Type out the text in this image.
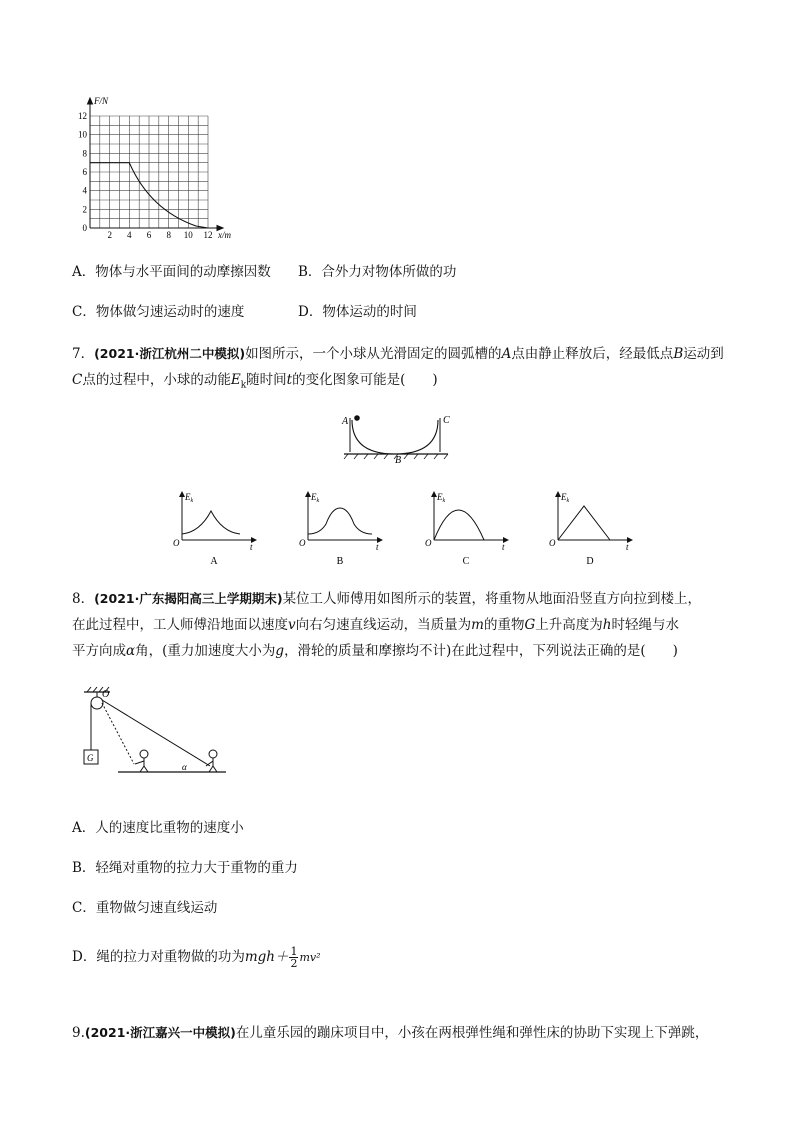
F/N
x/m
12
10
8
6
4
2
0
2 4 6 8 10 12
A．物体与水平面间的动摩擦因数 B．合外力对物体所做的功
C．物体做匀速运动时的速度	D．物体运动的时间
7．(2021·浙江杭州二中模拟)如图所示，一个小球从光滑固定的圆弧槽的A点由静止释放后，经最低点B运动到
C点的过程中，小球的动能$E_k$随时间t的变化图象可能是(　　)
A	C
B
$E_k$
O	t
A
$E_k$
O	t
B
$E_k$
O	t
C
$E_k$
O	t
D
8．(2021·广东揭阳高三上学期期末)某位工人师傅用如图所示的装置，将重物从地面沿竖直方向拉到楼上，
在此过程中，工人师傅沿地面以速度v向右匀速直线运动，当质量为m的重物G上升高度为h时轻绳与水
平方向成α角，(重力加速度大小为g，滑轮的质量和摩擦均不计)在此过程中，下列说法正确的是(　　)
O
G
α
A．人的速度比重物的速度小
B．轻绳对重物的拉力大于重物的重力
C．重物做匀速直线运动
D．绳的拉力对重物做的功为$mgh+ \frac{1}{2} mv^2$
9.(2021·浙江嘉兴一中模拟)在儿童乐园的蹦床项目中，小孩在两根弹性绳和弹性床的协助下实现上下弹跳，
